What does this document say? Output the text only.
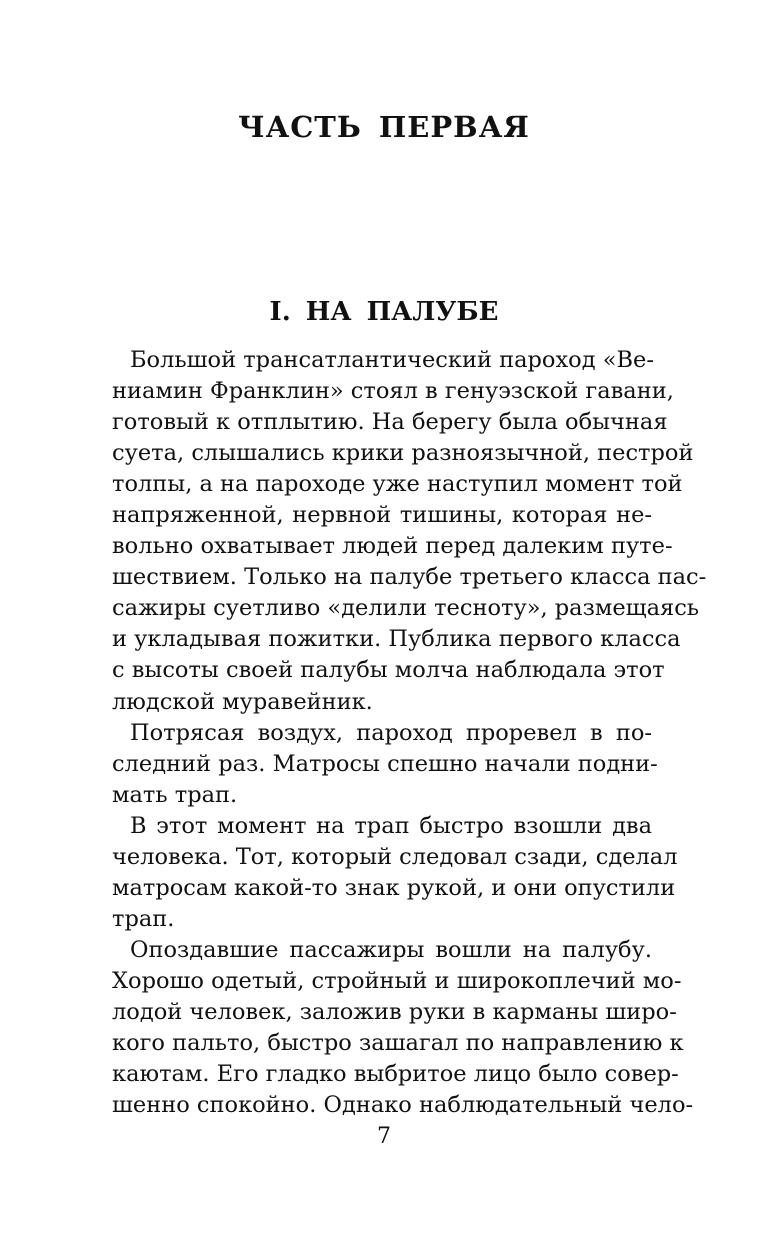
ЧАСТЬ ПЕРВАЯ
I. НА ПАЛУБЕ
Большой трансатлантический пароход «Ве-
ниамин Франклин» стоял в генуэзской гавани,
готовый к отплытию. На берегу была обычная
суета, слышались крики разноязычной, пестрой
толпы, а на пароходе уже наступил момент той
напряженной, нервной тишины, которая не-
вольно охватывает людей перед далеким путе-
шествием. Только на палубе третьего класса пас-
сажиры суетливо «делили тесноту», размещаясь
и укладывая пожитки. Публика первого класса
с высоты своей палубы молча наблюдала этот
людской муравейник.
Потрясая воздух, пароход проревел в по-
следний раз. Матросы спешно начали подни-
мать трап.
В этот момент на трап быстро взошли два
человека. Тот, который следовал сзади, сделал
матросам какой-то знак рукой, и они опустили
трап.
Опоздавшие пассажиры вошли на палубу.
Хорошо одетый, стройный и широкоплечий мо-
лодой человек, заложив руки в карманы широ-
кого пальто, быстро зашагал по направлению к
каютам. Его гладко выбритое лицо было совер-
шенно спокойно. Однако наблюдательный чело-
7
